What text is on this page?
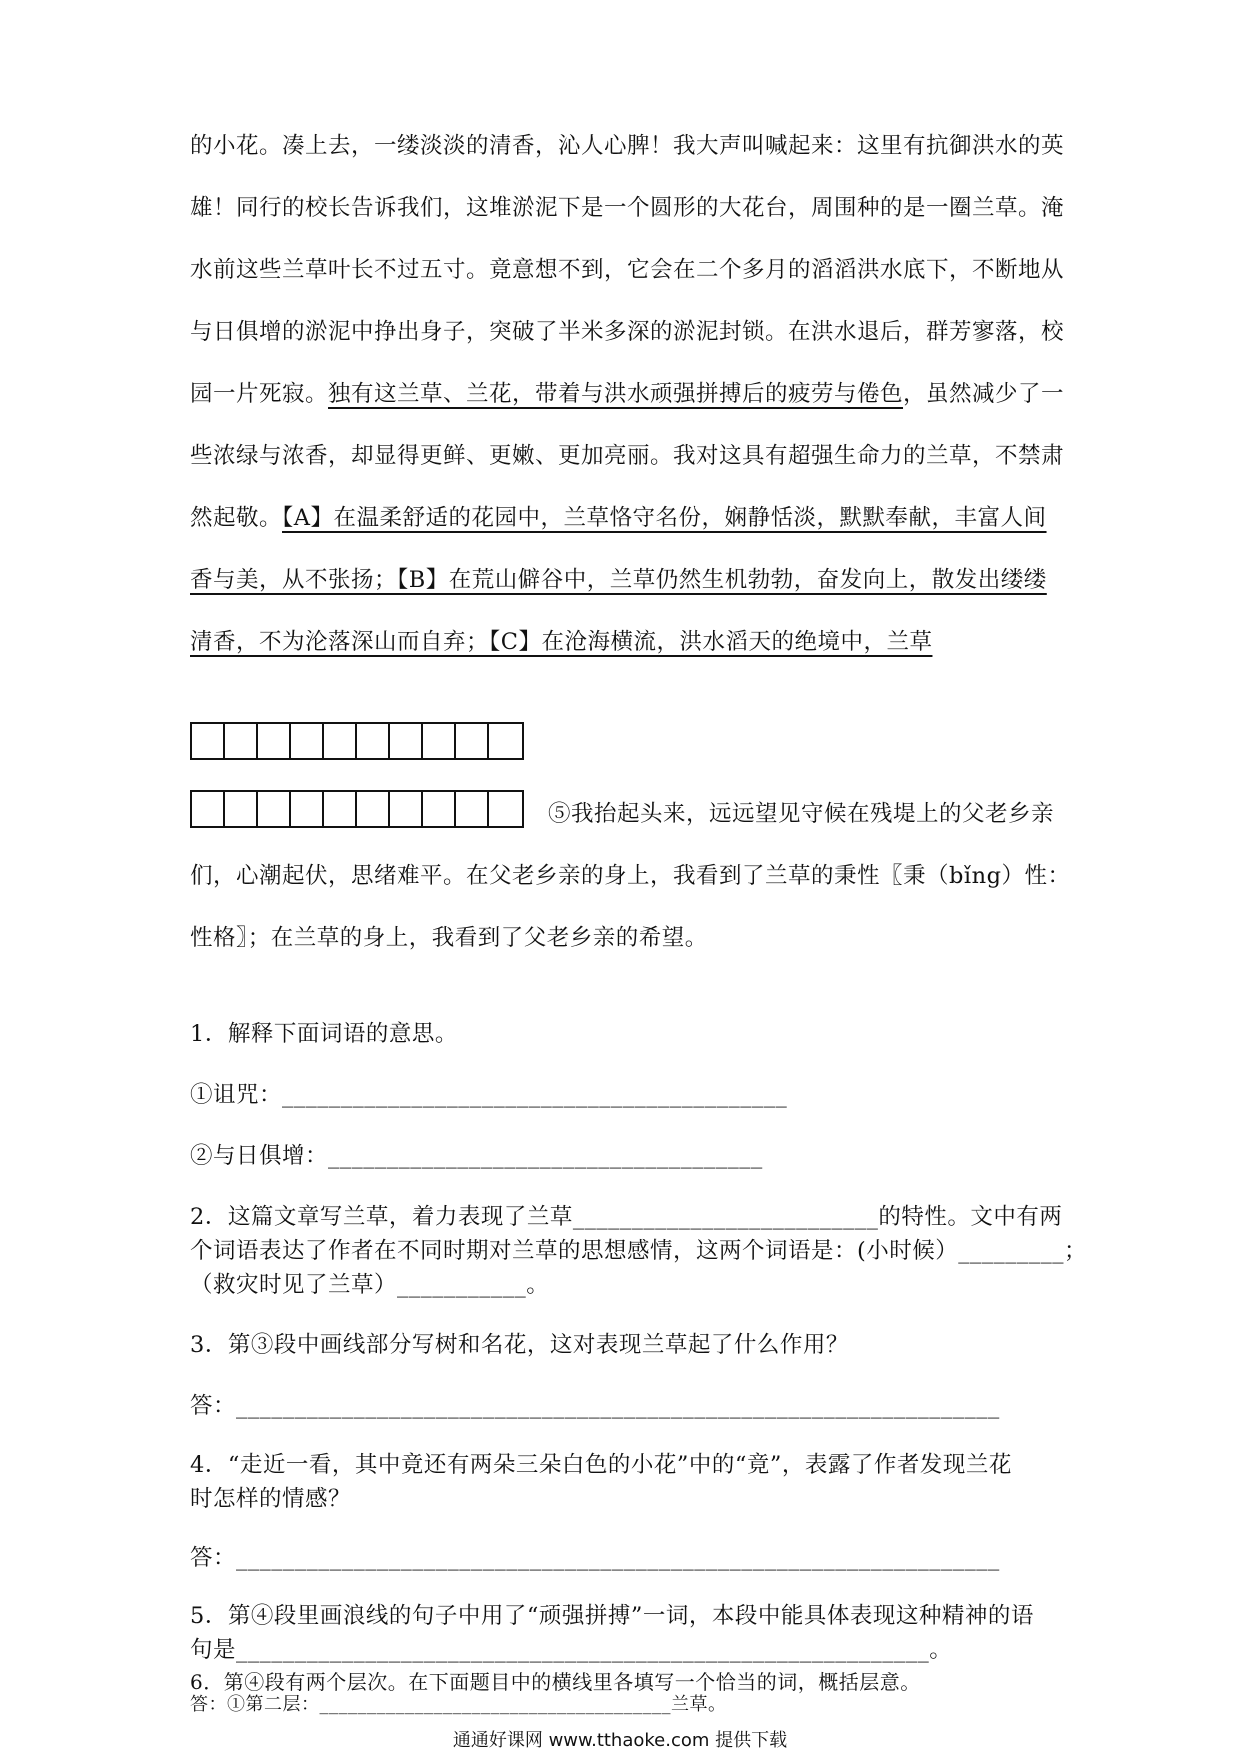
的小花。凑上去，一缕淡淡的清香，沁人心脾！我大声叫喊起来：这里有抗御洪水的英
雄！同行的校长告诉我们，这堆淤泥下是一个圆形的大花台，周围种的是一圈兰草。淹
水前这些兰草叶长不过五寸。竟意想不到，它会在二个多月的滔滔洪水底下，不断地从
与日俱增的淤泥中挣出身子，突破了半米多深的淤泥封锁。在洪水退后，群芳寥落，校
园一片死寂。独有这兰草、兰花，带着与洪水顽强拼搏后的疲劳与倦色，虽然减少了一
些浓绿与浓香，却显得更鲜、更嫩、更加亮丽。我对这具有超强生命力的兰草，不禁肃
然起敬。【A】在温柔舒适的花园中，兰草恪守名份，娴静恬淡，默默奉献，丰富人间
香与美，从不张扬；【B】在荒山僻谷中，兰草仍然生机勃勃，奋发向上，散发出缕缕
清香，不为沦落深山而自弃；【C】在沧海横流，洪水滔天的绝境中，兰草
⑤我抬起头来，远远望见守候在残堤上的父老乡亲
们，心潮起伏，思绪难平。在父老乡亲的身上，我看到了兰草的秉性〖秉（bǐng）性：
性格〗；在兰草的身上，我看到了父老乡亲的希望。
1．解释下面词语的意思。
①诅咒：___________________________________________
②与日俱增：_____________________________________
2．这篇文章写兰草，着力表现了兰草__________________________的特性。文中有两
个词语表达了作者在不同时期对兰草的思想感情，这两个词语是：(小时候）_________；
（救灾时见了兰草）___________。
3．第③段中画线部分写树和名花，这对表现兰草起了什么作用？
答：_________________________________________________________________
4．“走近一看，其中竟还有两朵三朵白色的小花”中的“竟”，表露了作者发现兰花
时怎样的情感？
答：_________________________________________________________________
5．第④段里画浪线的句子中用了“顽强拼搏”一词，本段中能具体表现这种精神的语
句是___________________________________________________________。
6．第④段有两个层次。在下面题目中的横线里各填写一个恰当的词，概括层意。
答：①第二层：_____________________________________兰草。
通通好课网 www.tthaoke.com 提供下载
